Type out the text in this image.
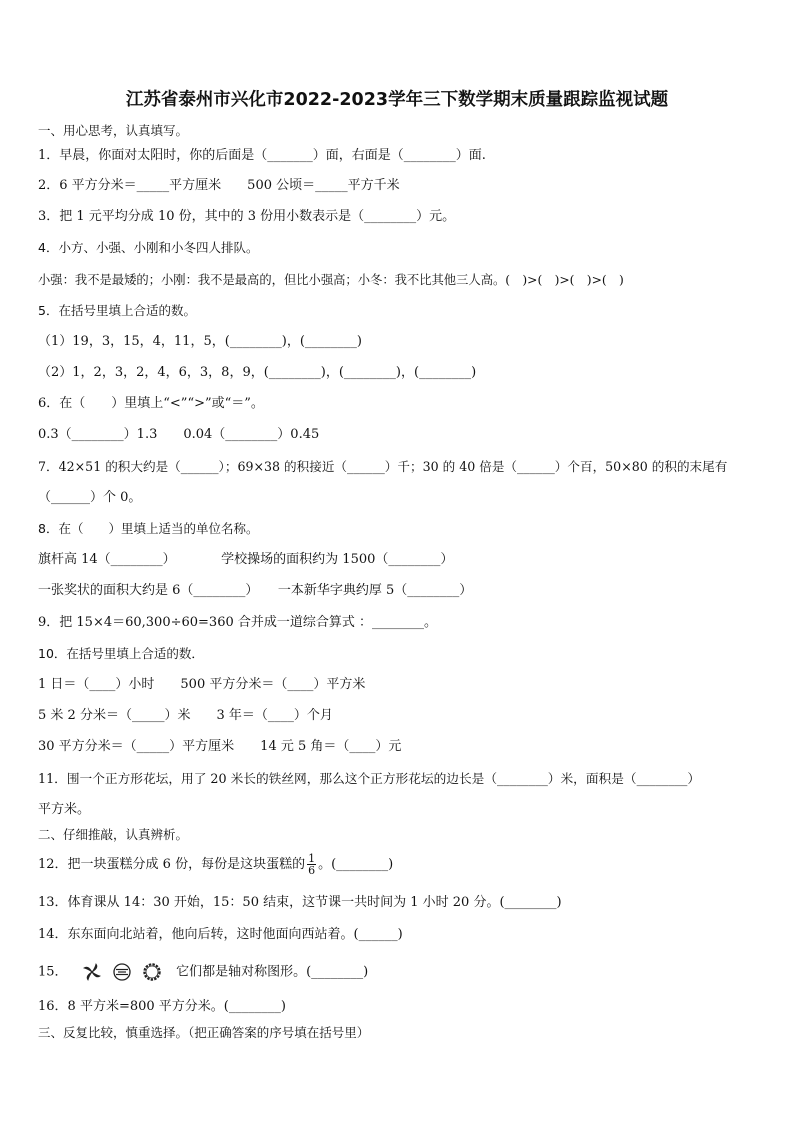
江苏省泰州市兴化市2022-2023学年三下数学期末质量跟踪监视试题
一、用心思考，认真填写。
1．早晨，你面对太阳时，你的后面是（_______）面，右面是（________）面.
2．6 平方分米＝_____平方厘米　　500 公顷＝_____平方千米
3．把 1 元平均分成 10 份，其中的 3 份用小数表示是（________）元。
4．小方、小强、小刚和小冬四人排队。
小强：我不是最矮的；小刚：我不是最高的，但比小强高；小冬：我不比其他三人高。(　)>(　)>(　)>(　)
5．在括号里填上合适的数。
（1）19，3，15，4，11，5，(________)，(________)
（2）1，2，3，2，4，6，3，8，9，(________)，(________)，(________)
6．在（　　）里填上“<”“>”或“＝”。
0.3（________）1.3　　0.04（________）0.45
7．42×51 的积大约是（______）；69×38 的积接近（______）千；30 的 40 倍是（______）个百，50×80 的积的末尾有
（______）个 0。
8．在（　　）里填上适当的单位名称。
旗杆高 14（________）　　　　学校操场的面积约为 1500（________）
一张奖状的面积大约是 6（________）　　一本新华字典约厚 5（________）
9．把 15×4＝60,300÷60=360 合并成一道综合算式 ：________。
10．在括号里填上合适的数．
1 日＝（____）小时　　500 平方分米＝（____）平方米
5 米 2 分米＝（_____）米　　3 年＝（____）个月
30 平方分米＝（_____）平方厘米　　14 元 5 角＝（____）元
11．围一个正方形花坛，用了 20 米长的铁丝网，那么这个正方形花坛的边长是（________）米，面积是（________）
平方米。
二、仔细推敲，认真辨析。
12．把一块蛋糕分成 6 份，每份是这块蛋糕的 $\frac{1}{6}$ 。(________)
13．体育课从 14：30 开始，15：50 结束，这节课一共时间为 1 小时 20 分。(________)
14．东东面向北站着，他向后转，这时他面向西站着。(______)
15．	它们都是轴对称图形。(________)
16．8 平方米=800 平方分米。(________)
三、反复比较，慎重选择。（把正确答案的序号填在括号里）
